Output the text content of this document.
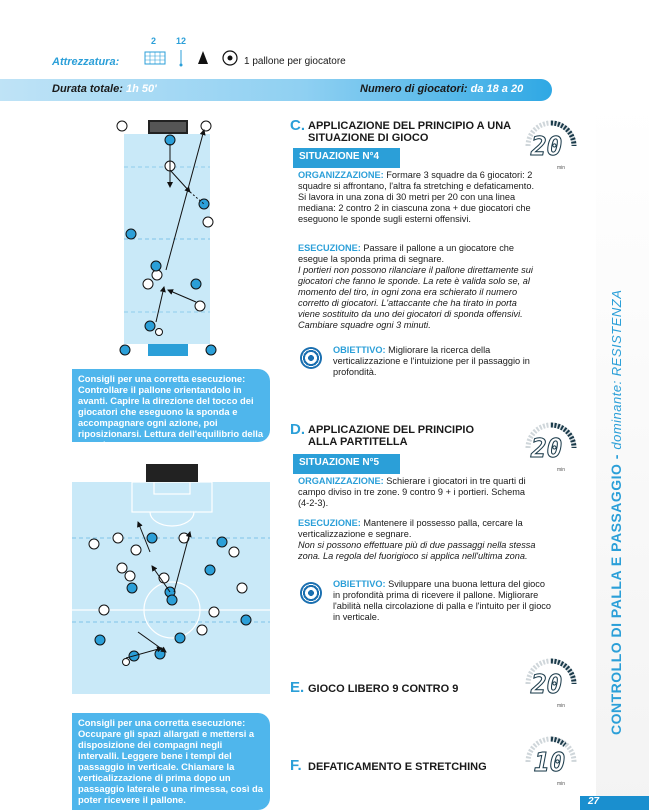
Attrezzatura:
2 12
1 pallone per giocatore
Durata totale: 1h 50'	Numero di giocatori: da 18 a 20
CONTROLLO DI PALLA E PASSAGGIO - dominante: RESISTENZA
27
Consigli per una corretta esecuzione:
Controllare il pallone orientandolo in avanti. Capire la direzione del tocco dei giocatori che eseguono la sponda e accompagnare ogni azione, poi riposizionarsi. Lettura dell'equilibrio della squadra.
Consigli per una corretta esecuzione:
Occupare gli spazi allargati e mettersi a disposizione dei compagni negli intervalli. Leggere bene i tempi del passaggio in verticale. Chiamare la verticalizzazione di prima dopo un passaggio laterale o una rimessa, così da poter ricevere il pallone.
C. APPLICAZIONE DEL PRINCIPIO A UNA
SITUAZIONE DI GIOCO
SITUAZIONE N°4	20
min
ORGANIZZAZIONE: Formare 3 squadre da 6 giocatori: 2 squadre si affrontano, l'altra fa stretching e defaticamento. Si lavora in una zona di 30 metri per 20 con una linea mediana: 2 contro 2 in ciascuna zona + due giocatori che eseguono le sponde sugli esterni offensivi.
ESECUZIONE: Passare il pallone a un giocatore che esegue la sponda prima di segnare.
I portieri non possono rilanciare il pallone direttamente sui giocatori che fanno le sponde. La rete è valida solo se, al momento del tiro, in ogni zona era schierato il numero corretto di giocatori. L'attaccante che ha tirato in porta viene sostituito da uno dei giocatori di sponda offensivi. Cambiare squadre ogni 3 minuti.
OBIETTIVO: Migliorare la ricerca della verticalizzazione e l'intuizione per il passaggio in profondità.
D. APPLICAZIONE DEL PRINCIPIO
ALLA PARTITELLA
SITUAZIONE N°5	20
min
ORGANIZZAZIONE: Schierare i giocatori in tre quarti di campo diviso in tre zone. 9 contro 9 + i portieri. Schema (4-2-3).
ESECUZIONE: Mantenere il possesso palla, cercare la verticalizzazione e segnare.
Non si possono effettuare più di due passaggi nella stessa zona. La regola del fuorigioco si applica nell'ultima zona.
OBIETTIVO: Sviluppare una buona lettura del gioco in profondità prima di ricevere il pallone. Migliorare l'abilità nella circolazione di palla e l'intuito per il gioco in verticale.
E. GIOCO LIBERO 9 CONTRO 9	20
min
F. DEFATICAMENTO E STRETCHING 10
min
